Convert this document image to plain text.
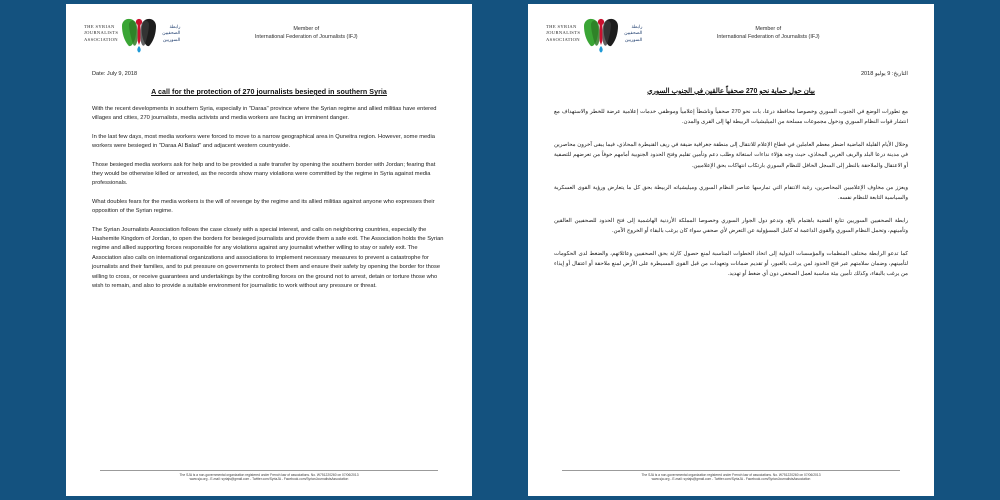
THE SYRIAN
JOURNALISTS
ASSOCIATION
رابطة
الصحفيين
السوريين
Member of
International Federation of Journalists (IFJ)
Date: July 9, 2018
A call for the protection of 270 journalists besieged in southern Syria

With the recent developments in southern Syria, especially in "Daraa" province where the Syrian regime and allied militias have entered villages and cities, 270 journalists, media activists and media workers are facing an imminent danger.

In the last few days, most media workers were forced to move to a narrow geographical area in Quneitra region. However, some media workers were besieged in "Daraa Al Balad" and adjacent western countryside.

Those besieged media workers ask for help and to be provided a safe transfer by opening the southern border with Jordan; fearing that they would be otherwise killed or arrested, as the records show many violations were committed by the regime in Syria against media professionals.

What doubles fears for the media workers is the will of revenge by the regime and its allied militias against anyone who expresses their opposition of the Syrian regime.

The Syrian Journalists Association follows the case closely with a special interest, and calls on neighboring countries, especially the Hashemite Kingdom of Jordan, to open the borders for besieged journalists and provide them a safe exit. The Association holds the Syrian regime and allied supporting forces responsible for any violations against any journalist whether willing to stay or safely exit. The Association also calls on international organizations and associations to implement necessary measures to prevent a catastrophe for journalists and their families, and to put pressure on governments to protect them and ensure their safety by opening the border for those willing to cross, or receive guarantees and undertakings by the controlling forces on the ground not to arrest, detain or torture those who wish to remain, and also to provide a suitable environment for journalistic to work without any pressure or threat.

The SJA is a non-governmental organization registered under French law of associations. No. W751220260 on 07/06/2013
www.sja.org - E-mail: syriajs@gmail.com - Twitter.com/SyriaJA - Facebook.com/SyrianJournalistsAssociation
THE SYRIAN
JOURNALISTS
ASSOCIATION
رابطة
الصحفيين
السوريين
Member of
International Federation of Journalists (IFJ)
التاريخ: 9 يوليو 2018
بيان حول حماية نحو 270 صحفياً عالقين في الجنوب السوري

مع تطورات الوضع في الجنوب السوري وخصوصا محافظة درعا، بات نحو 270 صحفياً وناشطاً إعلامياً وموظفي خدمات إعلامية عرضة للخطر والاستهداف مع انتشار قوات النظام السوري ودخول مجموعات مسلحة من الميليشيات الربيطة لها إلى القرى والمدن.

وخلال الأيام القليلة الماضية اضطر معظم العاملين في قطاع الإعلام للانتقال إلى منطقة جغرافية ضيقة في ريف القنيطرة المحاذي، فيما يبقى آخرون محاصرين في مدينة درعا البلد والريف الغربي المحاذي، حيث وجه هؤلاء نداءات استغاثة وطلب دعم وتأمين تقليم وفتح الحدود الجنوبية أمامهم خوفاً من تعرضهم للتصفية أو الاعتقال والملاحقة بالنظر إلى السجل الحافل للنظام السوري بارتكاب انتهاكات بحق الإعلاميين.

ويعزز من مخاوف الإعلاميين المحاصرين، رغبة الانتقام التي تمارسها عناصر النظام السوري وميليشياته الربيطة بحق كل ما يتعارض ورؤية القوى العسكرية والسياسية التابعة للنظام نفسه.

رابطة الصحفيين السوريين تتابع القضية باهتمام بالغ، وتدعو دول الجوار السوري وخصوصا المملكة الأردنية الهاشمية إلى فتح الحدود للصحفيين العالقين وتأمينهم، وتحمل النظام السوري والقوى الداعمة له كامل المسؤولية عن التعرض لأي صحفي سواء كان يرغب بالبقاء أو الخروج الآمن.

كما تدعو الرابطة مختلف المنظمات والمؤسسات الدولية إلى اتخاذ الخطوات المناسبة لمنع حصول كارثة بحق الصحفيين وعائلاتهم، والضغط لدى الحكومات لتأمينهم، وضمان سلامتهم عبر فتح الحدود لمن يرغب بالعبور، أو تقديم ضمانات وتعهدات من قبل القوى المسيطرة على الأرض لمنع ملاحقة أو اعتقال أو إيذاء من يرغب بالبقاء، وكذلك تأمين بيئة مناسبة لعمل الصحفي دون أي ضغط أو تهديد.

The SJA is a non-governmental organization registered under French law of associations. No. W751220260 on 07/06/2013
www.sja.org - E-mail: syriajs@gmail.com - Twitter.com/SyriaJA - Facebook.com/SyrianJournalistsAssociation
